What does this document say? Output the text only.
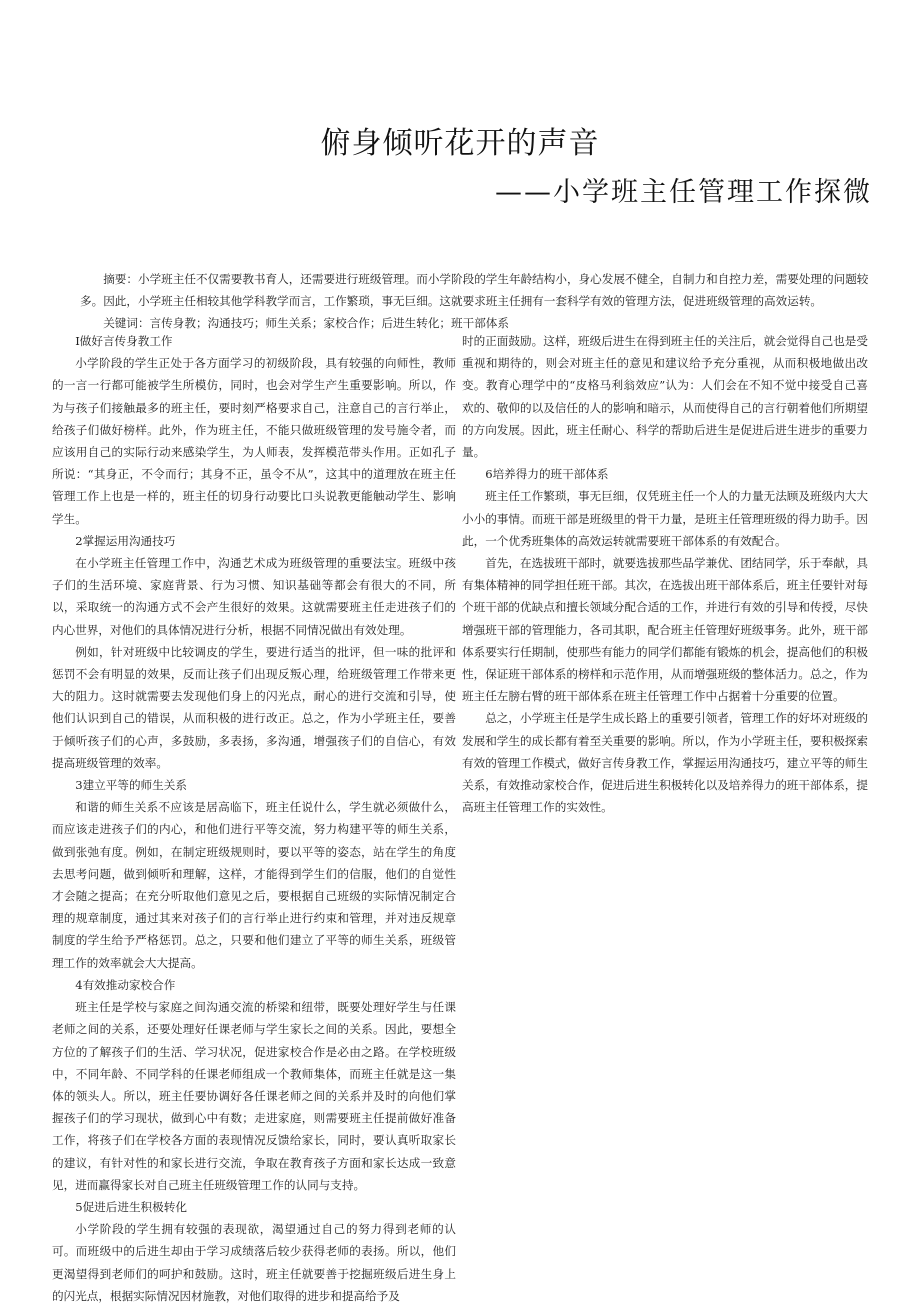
俯身倾听花开的声音
——小学班主任管理工作探微

摘要：小学班主任不仅需要教书育人，还需要进行班级管理。而小学阶段的学生年龄结构小，身心发展不健全，自制力和自控力差，需要处理的问题较多。因此，小学班主任相较其他学科教学而言，工作繁琐，事无巨细。这就要求班主任拥有一套科学有效的管理方法，促进班级管理的高效运转。

关键词：言传身教；沟通技巧；师生关系；家校合作；后进生转化；班干部体系

Ⅰ做好言传身教工作

小学阶段的学生正处于各方面学习的初级阶段，具有较强的向师性，教师的一言一行都可能被学生所模仿，同时，也会对学生产生重要影响。所以，作为与孩子们接触最多的班主任，要时刻严格要求自己，注意自己的言行举止，给孩子们做好榜样。此外，作为班主任，不能只做班级管理的发号施令者，而应该用自己的实际行动来感染学生，为人师表，发挥模范带头作用。正如孔子所说：“其身正，不令而行；其身不正，虽令不从”，这其中的道理放在班主任管理工作上也是一样的，班主任的切身行动要比口头说教更能触动学生、影响学生。

2掌握运用沟通技巧

在小学班主任管理工作中，沟通艺术成为班级管理的重要法宝。班级中孩子们的生活环境、家庭背景、行为习惯、知识基础等都会有很大的不同，所以，采取统一的沟通方式不会产生很好的效果。这就需要班主任走进孩子们的内心世界，对他们的具体情况进行分析，根据不同情况做出有效处理。

例如，针对班级中比较调皮的学生，要进行适当的批评，但一味的批评和惩罚不会有明显的效果，反而让孩子们出现反叛心理，给班级管理工作带来更大的阻力。这时就需要去发现他们身上的闪光点，耐心的进行交流和引导，使他们认识到自己的错误，从而积极的进行改正。总之，作为小学班主任，要善于倾听孩子们的心声，多鼓励，多表扬，多沟通，增强孩子们的自信心，有效提高班级管理的效率。

3建立平等的师生关系

和谐的师生关系不应该是居高临下，班主任说什么，学生就必须做什么，而应该走进孩子们的内心，和他们进行平等交流，努力构建平等的师生关系，做到张弛有度。例如，在制定班级规则时，要以平等的姿态，站在学生的角度去思考问题，做到倾听和理解，这样，才能得到学生们的信服，他们的自觉性才会随之提高；在充分听取他们意见之后，要根据自己班级的实际情况制定合理的规章制度，通过其来对孩子们的言行举止进行约束和管理，并对违反规章制度的学生给予严格惩罚。总之，只要和他们建立了平等的师生关系，班级管理工作的效率就会大大提高。

4有效推动家校合作

班主任是学校与家庭之间沟通交流的桥梁和纽带，既要处理好学生与任课老师之间的关系，还要处理好任课老师与学生家长之间的关系。因此，要想全方位的了解孩子们的生活、学习状况，促进家校合作是必由之路。在学校班级中，不同年龄、不同学科的任课老师组成一个教师集体，而班主任就是这一集体的领头人。所以，班主任要协调好各任课老师之间的关系并及时的向他们掌握孩子们的学习现状，做到心中有数；走进家庭，则需要班主任提前做好准备工作，将孩子们在学校各方面的表现情况反馈给家长，同时，要认真听取家长的建议，有针对性的和家长进行交流，争取在教育孩子方面和家长达成一致意见，进而赢得家长对自己班主任班级管理工作的认同与支持。

5促进后进生积极转化

小学阶段的学生拥有较强的表现欲，渴望通过自己的努力得到老师的认可。而班级中的后进生却由于学习成绩落后较少获得老师的表扬。所以，他们更渴望得到老师们的呵护和鼓励。这时，班主任就要善于挖掘班级后进生身上的闪光点，根据实际情况因材施教，对他们取得的进步和提高给予及

时的正面鼓励。这样，班级后进生在得到班主任的关注后，就会觉得自己也是受重视和期待的，则会对班主任的意见和建议给予充分重视，从而积极地做出改变。教育心理学中的“皮格马利翁效应”认为：人们会在不知不觉中接受自己喜欢的、敬仰的以及信任的人的影响和暗示，从而使得自己的言行朝着他们所期望的方向发展。因此，班主任耐心、科学的帮助后进生是促进后进生进步的重要力量。

6培养得力的班干部体系

班主任工作繁琐，事无巨细，仅凭班主任一个人的力量无法顾及班级内大大小小的事情。而班干部是班级里的骨干力量，是班主任管理班级的得力助手。因此，一个优秀班集体的高效运转就需要班干部体系的有效配合。

首先，在选拔班干部时，就要选拔那些品学兼优、团结同学，乐于奉献，具有集体精神的同学担任班干部。其次，在选拔出班干部体系后，班主任要针对每个班干部的优缺点和擅长领域分配合适的工作，并进行有效的引导和传授，尽快增强班干部的管理能力，各司其职，配合班主任管理好班级事务。此外，班干部体系要实行任期制，使那些有能力的同学们都能有锻炼的机会，提高他们的积极性，保证班干部体系的榜样和示范作用，从而增强班级的整体活力。总之，作为班主任左膀右臂的班干部体系在班主任管理工作中占据着十分重要的位置。

总之，小学班主任是学生成长路上的重要引领者，管理工作的好坏对班级的发展和学生的成长都有着至关重要的影响。所以，作为小学班主任，要积极探索有效的管理工作模式，做好言传身教工作，掌握运用沟通技巧，建立平等的师生关系，有效推动家校合作，促进后进生积极转化以及培养得力的班干部体系，提高班主任管理工作的实效性。
